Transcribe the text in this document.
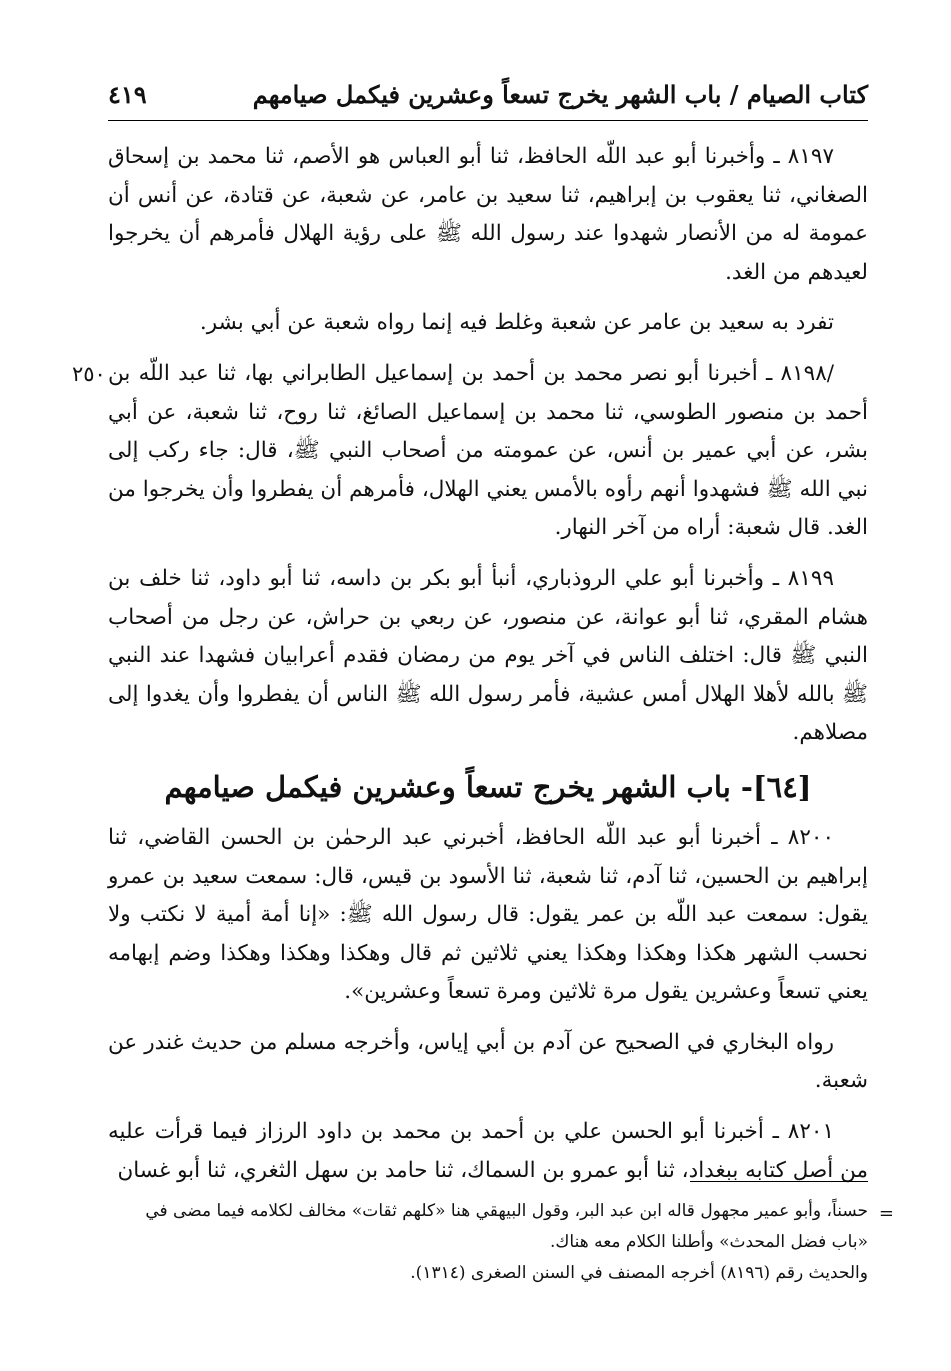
كتاب الصيام / باب الشهر يخرج تسعاً وعشرين فيكمل صيامهم
٤١٩

٨١٩٧ ـ وأخبرنا أبو عبد اللّه الحافظ، ثنا أبو العباس هو الأصم، ثنا محمد بن إسحاق الصغاني، ثنا يعقوب بن إبراهيم، ثنا سعيد بن عامر، عن شعبة، عن قتادة، عن أنس أن عمومة له من الأنصار شهدوا عند رسول الله ﷺ على رؤية الهلال فأمرهم أن يخرجوا لعيدهم من الغد.

تفرد به سعيد بن عامر عن شعبة وغلط فيه إنما رواه شعبة عن أبي بشر.

٢٥٠ /٨١٩٨ ـ أخبرنا أبو نصر محمد بن أحمد بن إسماعيل الطابراني بها، ثنا عبد اللّه بن أحمد بن منصور الطوسي، ثنا محمد بن إسماعيل الصائغ، ثنا روح، ثنا شعبة، عن أبي بشر، عن أبي عمير بن أنس، عن عمومته من أصحاب النبي ﷺ، قال: جاء ركب إلى نبي الله ﷺ فشهدوا أنهم رأوه بالأمس يعني الهلال، فأمرهم أن يفطروا وأن يخرجوا من الغد. قال شعبة: أراه من آخر النهار.

٨١٩٩ ـ وأخبرنا أبو علي الروذباري، أنبأ أبو بكر بن داسه، ثنا أبو داود، ثنا خلف بن هشام المقري، ثنا أبو عوانة، عن منصور، عن ربعي بن حراش، عن رجل من أصحاب النبي ﷺ قال: اختلف الناس في آخر يوم من رمضان فقدم أعرابيان فشهدا عند النبي ﷺ بالله لأهلا الهلال أمس عشية، فأمر رسول الله ﷺ الناس أن يفطروا وأن يغدوا إلى مصلاهم.

[٦٤]- باب الشهر يخرج تسعاً وعشرين فيكمل صيامهم

٨٢٠٠ ـ أخبرنا أبو عبد اللّه الحافظ، أخبرني عبد الرحمٰن بن الحسن القاضي، ثنا إبراهيم بن الحسين، ثنا آدم، ثنا شعبة، ثنا الأسود بن قيس، قال: سمعت سعيد بن عمرو يقول: سمعت عبد اللّه بن عمر يقول: قال رسول الله ﷺ: «إنا أمة أمية لا نكتب ولا نحسب الشهر هكذا وهكذا وهكذا يعني ثلاثين ثم قال وهكذا وهكذا وهكذا وضم إبهامه يعني تسعاً وعشرين يقول مرة ثلاثين ومرة تسعاً وعشرين».

رواه البخاري في الصحيح عن آدم بن أبي إياس، وأخرجه مسلم من حديث غندر عن شعبة.

٨٢٠١ ـ أخبرنا أبو الحسن علي بن أحمد بن محمد بن داود الرزاز فيما قرأت عليه من أصل كتابه ببغداد، ثنا أبو عمرو بن السماك، ثنا حامد بن سهل الثغري، ثنا أبو غسان

=

حسناً، وأبو عمير مجهول قاله ابن عبد البر، وقول البيهقي هنا «كلهم ثقات» مخالف لكلامه فيما مضى في «باب فضل المحدث» وأطلنا الكلام معه هناك.

والحديث رقم (٨١٩٦) أخرجه المصنف في السنن الصغرى (١٣١٤).
